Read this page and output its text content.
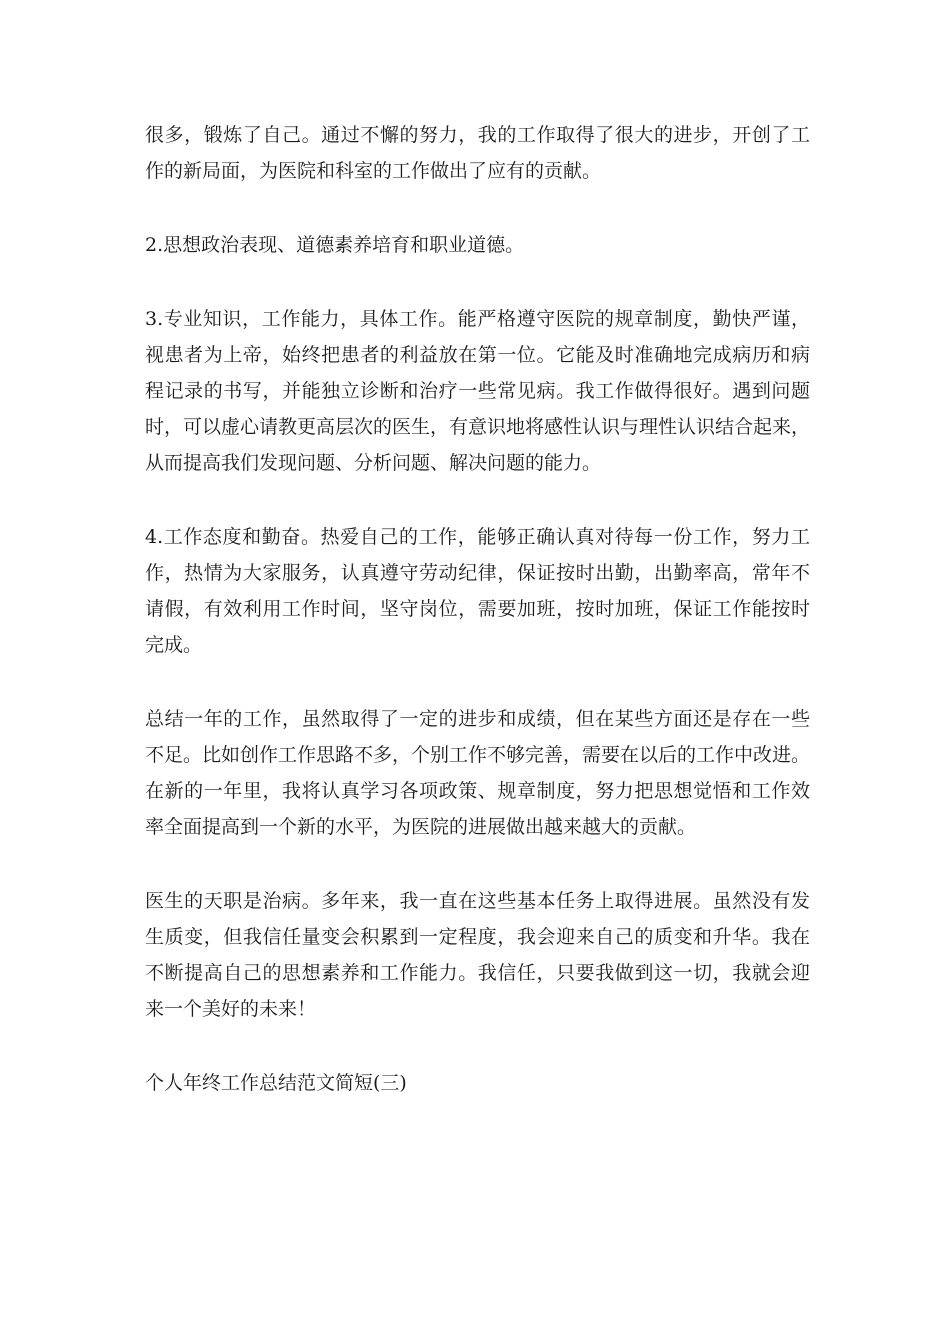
很多，锻炼了自己。通过不懈的努力，我的工作取得了很大的进步，开创了工
作的新局面，为医院和科室的工作做出了应有的贡献。
2.思想政治表现、道德素养培育和职业道德。
3.专业知识，工作能力，具体工作。能严格遵守医院的规章制度，勤快严谨，
视患者为上帝，始终把患者的利益放在第一位。它能及时准确地完成病历和病
程记录的书写，并能独立诊断和治疗一些常见病。我工作做得很好。遇到问题
时，可以虚心请教更高层次的医生，有意识地将感性认识与理性认识结合起来，
从而提高我们发现问题、分析问题、解决问题的能力。
4.工作态度和勤奋。热爱自己的工作，能够正确认真对待每一份工作，努力工
作，热情为大家服务，认真遵守劳动纪律，保证按时出勤，出勤率高，常年不
请假，有效利用工作时间，坚守岗位，需要加班，按时加班，保证工作能按时
完成。
总结一年的工作，虽然取得了一定的进步和成绩，但在某些方面还是存在一些
不足。比如创作工作思路不多，个别工作不够完善，需要在以后的工作中改进。
在新的一年里，我将认真学习各项政策、规章制度，努力把思想觉悟和工作效
率全面提高到一个新的水平，为医院的进展做出越来越大的贡献。
医生的天职是治病。多年来，我一直在这些基本任务上取得进展。虽然没有发
生质变，但我信任量变会积累到一定程度，我会迎来自己的质变和升华。我在
不断提高自己的思想素养和工作能力。我信任，只要我做到这一切，我就会迎
来一个美好的未来！
个人年终工作总结范文简短(三)
